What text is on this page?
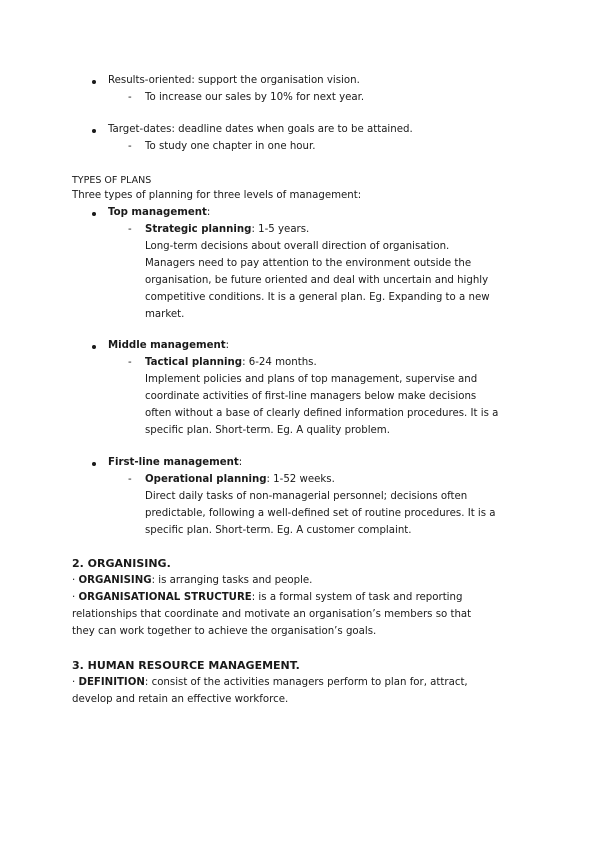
Results-oriented: support the organisation vision.
- To increase our sales by 10% for next year.
Target-dates: deadline dates when goals are to be attained.
- To study one chapter in one hour.
TYPES OF PLANS
Three types of planning for three levels of management:
Top management:
- Strategic planning: 1-5 years.
Long-term decisions about overall direction of organisation.
Managers need to pay attention to the environment outside the
organisation, be future oriented and deal with uncertain and highly
competitive conditions. It is a general plan. Eg. Expanding to a new
market.
Middle management:
- Tactical planning: 6-24 months.
Implement policies and plans of top management, supervise and
coordinate activities of first-line managers below make decisions
often without a base of clearly defined information procedures. It is a
specific plan. Short-term. Eg. A quality problem.
First-line management:
- Operational planning: 1-52 weeks.
Direct daily tasks of non-managerial personnel; decisions often
predictable, following a well-defined set of routine procedures. It is a
specific plan. Short-term. Eg. A customer complaint.
2. ORGANISING.
· ORGANISING: is arranging tasks and people.
· ORGANISATIONAL STRUCTURE: is a formal system of task and reporting
relationships that coordinate and motivate an organisation’s members so that
they can work together to achieve the organisation’s goals.
3. HUMAN RESOURCE MANAGEMENT.
· DEFINITION: consist of the activities managers perform to plan for, attract,
develop and retain an effective workforce.
